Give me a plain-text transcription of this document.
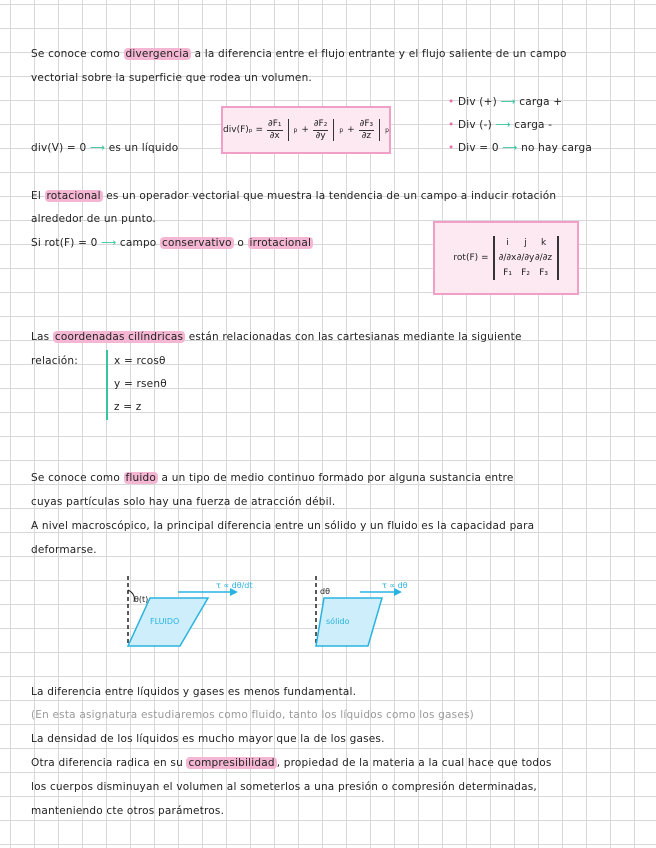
Se conoce como divergencia a la diferencia entre el flujo entrante y el flujo saliente de un campo
vectorial sobre la superficie que rodea un volumen.
$div(F)_p = \frac{\text{∂F₁}}{\partial x}$ $p + \frac{\text{∂F₂}}{\partial y}$ $p + \frac{\text{∂F₃}}{\partial z}$ p
div(V) = 0 ⟶ es un líquido
• Div (+) ⟶ carga +
• Div (-) ⟶ carga -
• Div = 0 ⟶ no hay carga
El rotacional es un operador vectorial que muestra la tendencia de un campo a inducir rotación
alrededor de un punto.
Si rot(F) = 0 ⟶ campo conservativo o irrotacional
rot(F) =
i	j	k
∂/∂x ∂/∂y ∂/∂z
F₁	F₂	F₃
Las coordenadas cilíndricas están relacionadas con las cartesianas mediante la siguiente
relación:	x = rcosθ
y = rsenθ
z = z
Se conoce como fluido a un tipo de medio continuo formado por alguna sustancia entre
cuyas partículas solo hay una fuerza de atracción débil.
A nivel macroscópico, la principal diferencia entre un sólido y un fluido es la capacidad para
deformarse.
θ(t)
FLUIDO
τ ∝ dθ/dt
dθ
sólido
τ ∝ dθ
La diferencia entre líquidos y gases es menos fundamental.
(En esta asignatura estudiaremos como fluido, tanto los líquidos como los gases)
La densidad de los líquidos es mucho mayor que la de los gases.
Otra diferencia radica en su compresibilidad , propiedad de la materia a la cual hace que todos
los cuerpos disminuyan el volumen al someterlos a una presión o compresión determinadas,
manteniendo cte otros parámetros.
